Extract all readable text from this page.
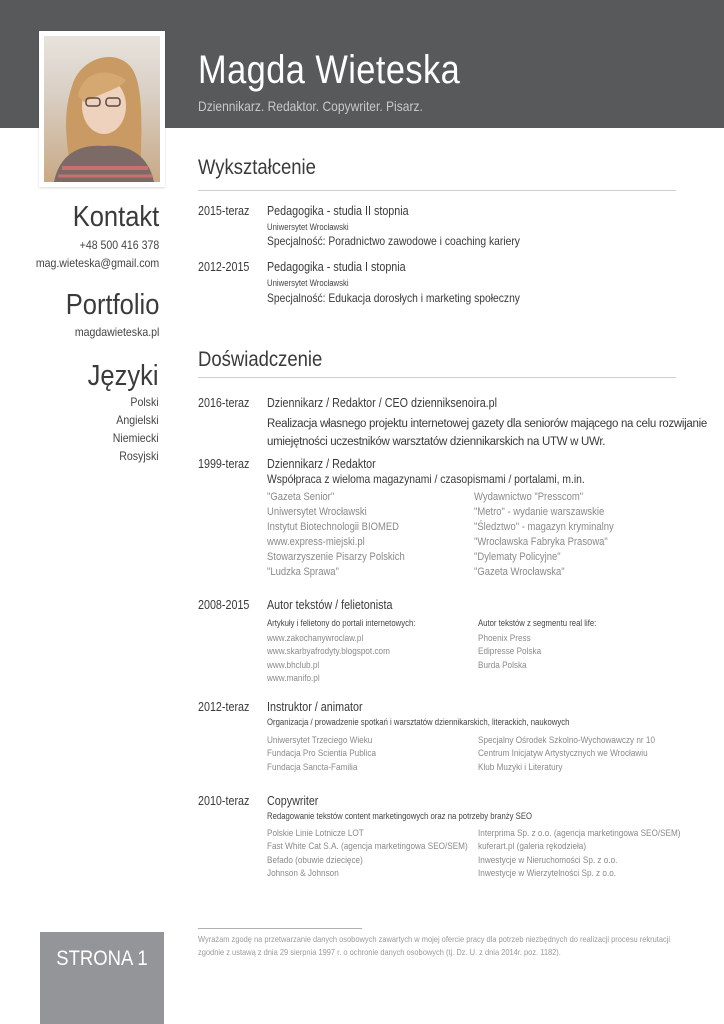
Magda Wieteska
Dziennikarz. Redaktor. Copywriter. Pisarz.
Kontakt
+48 500 416 378
mag.wieteska@gmail.com
Portfolio
magdawieteska.pl
Języki
Polski
Angielski
Niemiecki
Rosyjski
Wykształcenie
2015-teraz Pedagogika - studia II stopnia
Uniwersytet Wrocławski
Specjalność: Poradnictwo zawodowe i coaching kariery
2012-2015 Pedagogika - studia I stopnia
Uniwersytet Wrocławski
Specjalność: Edukacja dorosłych i marketing społeczny
Doświadczenie
2016-teraz Dziennikarz / Redaktor / CEO dzienniksenoira.pl
Realizacja własnego projektu internetowej gazety dla seniorów mającego na celu rozwijanie umiejętności uczestników warsztatów dziennikarskich na UTW w UWr.
1999-teraz Dziennikarz / Redaktor
Współpraca z wieloma magazynami / czasopismami / portalami, m.in.
"Gazeta Senior"
Uniwersytet Wrocławski
Instytut Biotechnologii BIOMED
www.express-miejski.pl
Stowarzyszenie Pisarzy Polskich
"Ludzka Sprawa"
Wydawnictwo "Presscom"
"Metro" - wydanie warszawskie
"Śledztwo" - magazyn kryminalny
"Wrocławska Fabryka Prasowa"
"Dylematy Policyjne"
"Gazeta Wrocławska"
2008-2015 Autor tekstów / felietonista
Artykuły i felietony do portali internetowych:	Autor tekstów z segmentu real life:
www.zakochanywroclaw.pl
www.skarbyafrodyty.blogspot.com
www.bhclub.pl
www.manifo.pl
Phoenix Press
Edipresse Polska
Burda Polska
2012-teraz Instruktor / animator
Organizacja / prowadzenie spotkań i warsztatów dziennikarskich, literackich, naukowych
Uniwersytet Trzeciego Wieku
Fundacja Pro Scientia Publica
Fundacja Sancta-Familia
Specjalny Ośrodek Szkolno-Wychowawczy nr 10
Centrum Inicjatyw Artystycznych we Wrocławiu
Klub Muzyki i Literatury
2010-teraz Copywriter
Redagowanie tekstów content marketingowych oraz na potrzeby branży SEO
Polskie Linie Lotnicze LOT
Fast White Cat S.A. (agencja marketingowa SEO/SEM)
Befado (obuwie dziecięce)
Johnson & Johnson
Interprima Sp. z o.o. (agencja marketingowa SEO/SEM)
kuferart.pl (galeria rękodzieła)
Inwestycje w Nieruchomości Sp. z o.o.
Inwestycje w Wierzytelności Sp. z o.o.
STRONA 1
Wyrażam zgodę na przetwarzanie danych osobowych zawartych w mojej ofercie pracy dla potrzeb niezbędnych do realizacji procesu rekrutacji zgodnie z ustawą z dnia 29 sierpnia 1997 r. o ochronie danych osobowych (tj. Dz. U. z dnia 2014r. poz. 1182).
